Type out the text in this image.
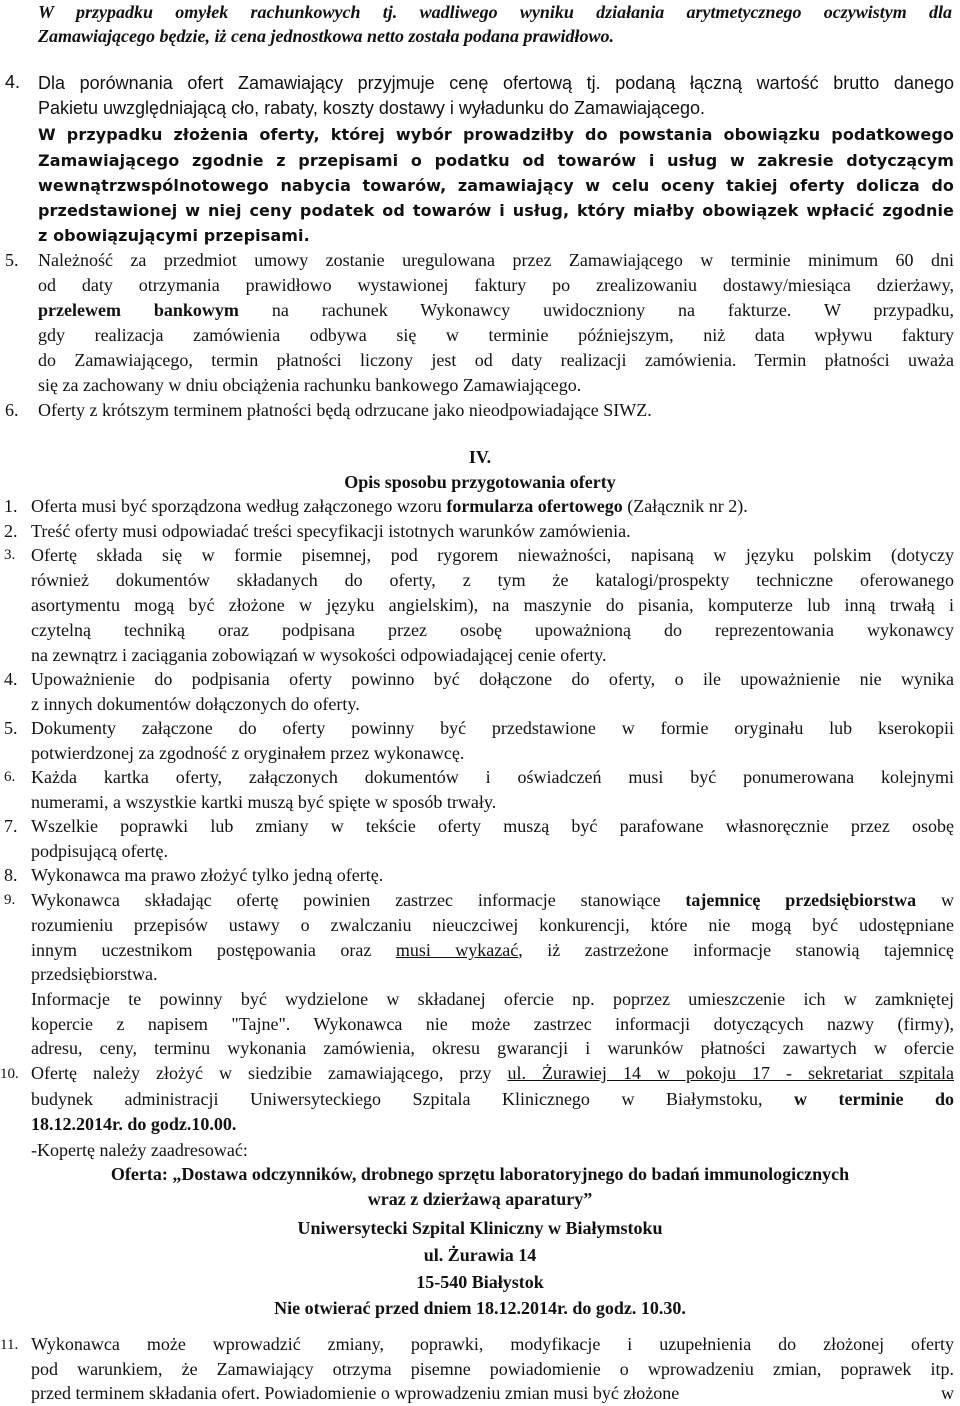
W przypadku omyłek rachunkowych tj. wadliwego wyniku działania arytmetycznego oczywistym dla
Zamawiającego będzie, iż cena jednostkowa netto została podana prawidłowo.
4. Dla porównania ofert Zamawiający przyjmuje cenę ofertową tj. podaną łączną wartość brutto danego
Pakietu uwzględniającą cło, rabaty, koszty dostawy i wyładunku do Zamawiającego.
W przypadku złożenia oferty, której wybór prowadziłby do powstania obowiązku podatkowego
Zamawiającego zgodnie z przepisami o podatku od towarów i usług w zakresie dotyczącym
wewnątrzwspólnotowego nabycia towarów, zamawiający w celu oceny takiej oferty dolicza do
przedstawionej w niej ceny podatek od towarów i usług, który miałby obowiązek wpłacić zgodnie
z obowiązującymi przepisami.
5. Należność za przedmiot umowy zostanie uregulowana przez Zamawiającego w terminie minimum 60 dni
od daty otrzymania prawidłowo wystawionej faktury po zrealizowaniu dostawy/miesiąca dzierżawy,
przelewem bankowym na rachunek Wykonawcy uwidoczniony na fakturze. W przypadku,
gdy realizacja zamówienia odbywa się w terminie późniejszym, niż data wpływu faktury
do Zamawiającego, termin płatności liczony jest od daty realizacji zamówienia. Termin płatności uważa
się za zachowany w dniu obciążenia rachunku bankowego Zamawiającego.
6. Oferty z krótszym terminem płatności będą odrzucane jako nieodpowiadające SIWZ.
IV.
Opis sposobu przygotowania oferty
1. Oferta musi być sporządzona według załączonego wzoru formularza ofertowego (Załącznik nr 2).
2. Treść oferty musi odpowiadać treści specyfikacji istotnych warunków zamówienia.
3. Ofertę składa się w formie pisemnej, pod rygorem nieważności, napisaną w języku polskim (dotyczy
również dokumentów składanych do oferty, z tym że katalogi/prospekty techniczne oferowanego
asortymentu mogą być złożone w języku angielskim), na maszynie do pisania, komputerze lub inną trwałą i
czytelną techniką oraz podpisana przez osobę upoważnioną do reprezentowania wykonawcy
na zewnątrz i zaciągania zobowiązań w wysokości odpowiadającej cenie oferty.
4. Upoważnienie do podpisania oferty powinno być dołączone do oferty, o ile upoważnienie nie wynika
z innych dokumentów dołączonych do oferty.
5. Dokumenty załączone do oferty powinny być przedstawione w formie oryginału lub kserokopii
potwierdzonej za zgodność z oryginałem przez wykonawcę.
6. Każda kartka oferty, załączonych dokumentów i oświadczeń musi być ponumerowana kolejnymi
numerami, a wszystkie kartki muszą być spięte w sposób trwały.
7. Wszelkie poprawki lub zmiany w tekście oferty muszą być parafowane własnoręcznie przez osobę
podpisującą ofertę.
8. Wykonawca ma prawo złożyć tylko jedną ofertę.
9. Wykonawca składając ofertę powinien zastrzec informacje stanowiące tajemnicę przedsiębiorstwa w
rozumieniu przepisów ustawy o zwalczaniu nieuczciwej konkurencji, które nie mogą być udostępniane
innym uczestnikom postępowania oraz musi wykazać, iż zastrzeżone informacje stanowią tajemnicę
przedsiębiorstwa.
Informacje te powinny być wydzielone w składanej ofercie np. poprzez umieszczenie ich w zamkniętej
kopercie z napisem "Tajne". Wykonawca nie może zastrzec informacji dotyczących nazwy (firmy),
adresu, ceny, terminu wykonania zamówienia, okresu gwarancji i warunków płatności zawartych w ofercie
10. Ofertę należy złożyć w siedzibie zamawiającego, przy ul. Żurawiej 14 w pokoju 17 - sekretariat szpitala
budynek administracji Uniwersyteckiego Szpitala Klinicznego w Białymstoku, w terminie do
18.12.2014r. do godz.10.00.
-Kopertę należy zaadresować:
Oferta: „Dostawa odczynników, drobnego sprzętu laboratoryjnego do badań immunologicznych
wraz z dzierżawą aparatury”
Uniwersytecki Szpital Kliniczny w Białymstoku
ul. Żurawia 14
15-540 Białystok
Nie otwierać przed dniem 18.12.2014r. do godz. 10.30.
11. Wykonawca może wprowadzić zmiany, poprawki, modyfikacje i uzupełnienia do złożonej oferty
pod warunkiem, że Zamawiający otrzyma pisemne powiadomienie o wprowadzeniu zmian, poprawek itp.
przed terminem składania ofert. Powiadomienie o wprowadzeniu zmian musi być złożone	w
